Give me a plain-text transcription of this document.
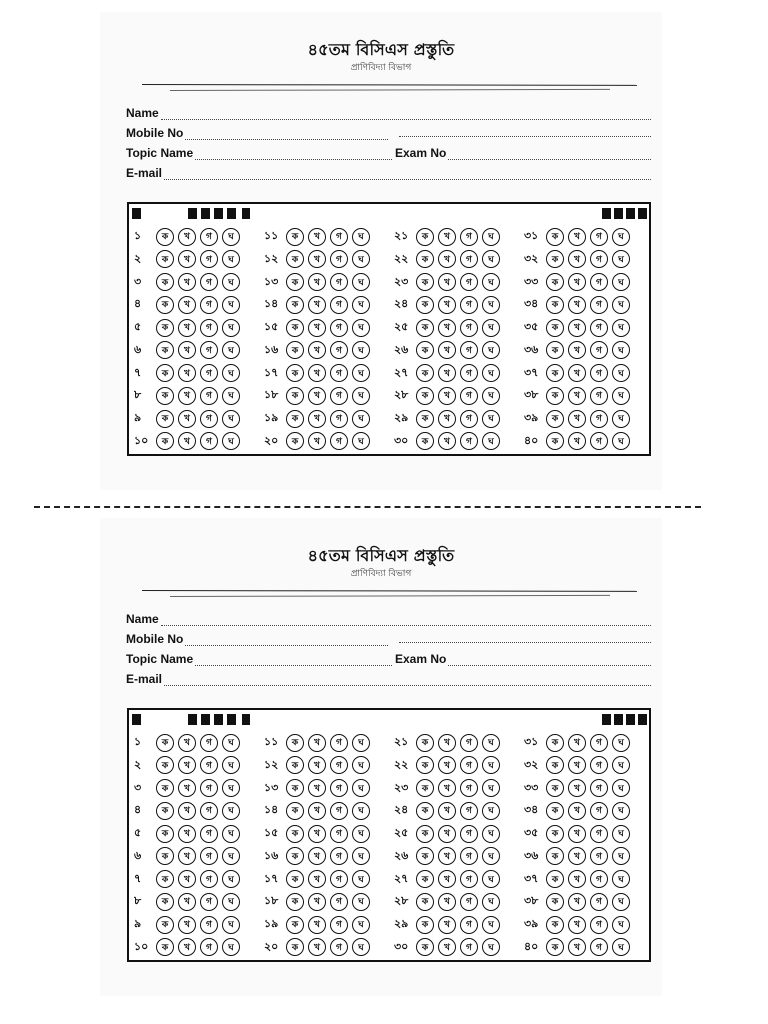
৪৫তম বিসিএস প্রস্তুতি
প্রাণিবিদ্যা বিভাগ
Name
Mobile No
Topic Name	Exam No
E-mail
১	ক	খ	গ	ঘ
২	ক	খ	গ	ঘ
৩	ক	খ	গ	ঘ
৪	ক	খ	গ	ঘ
৫	ক	খ	গ	ঘ
৬	ক	খ	গ	ঘ
৭	ক	খ	গ	ঘ
৮	ক	খ	গ	ঘ
৯	ক	খ	গ	ঘ
১০	ক	খ	গ	ঘ
১১	ক	খ	গ	ঘ
১২	ক	খ	গ	ঘ
১৩	ক	খ	গ	ঘ
১৪	ক	খ	গ	ঘ
১৫	ক	খ	গ	ঘ
১৬	ক	খ	গ	ঘ
১৭	ক	খ	গ	ঘ
১৮	ক	খ	গ	ঘ
১৯	ক	খ	গ	ঘ
২০	ক	খ	গ	ঘ
২১	ক	খ	গ	ঘ
২২	ক	খ	গ	ঘ
২৩	ক	খ	গ	ঘ
২৪	ক	খ	গ	ঘ
২৫	ক	খ	গ	ঘ
২৬	ক	খ	গ	ঘ
২৭	ক	খ	গ	ঘ
২৮	ক	খ	গ	ঘ
২৯	ক	খ	গ	ঘ
৩০	ক	খ	গ	ঘ
৩১	ক	খ	গ	ঘ
৩২	ক	খ	গ	ঘ
৩৩	ক	খ	গ	ঘ
৩৪	ক	খ	গ	ঘ
৩৫	ক	খ	গ	ঘ
৩৬	ক	খ	গ	ঘ
৩৭	ক	খ	গ	ঘ
৩৮	ক	খ	গ	ঘ
৩৯	ক	খ	গ	ঘ
৪০	ক	খ	গ	ঘ
৪৫তম বিসিএস প্রস্তুতি
প্রাণিবিদ্যা বিভাগ
Name
Mobile No
Topic Name	Exam No
E-mail
১	ক	খ	গ	ঘ
২	ক	খ	গ	ঘ
৩	ক	খ	গ	ঘ
৪	ক	খ	গ	ঘ
৫	ক	খ	গ	ঘ
৬	ক	খ	গ	ঘ
৭	ক	খ	গ	ঘ
৮	ক	খ	গ	ঘ
৯	ক	খ	গ	ঘ
১০	ক	খ	গ	ঘ
১১	ক	খ	গ	ঘ
১২	ক	খ	গ	ঘ
১৩	ক	খ	গ	ঘ
১৪	ক	খ	গ	ঘ
১৫	ক	খ	গ	ঘ
১৬	ক	খ	গ	ঘ
১৭	ক	খ	গ	ঘ
১৮	ক	খ	গ	ঘ
১৯	ক	খ	গ	ঘ
২০	ক	খ	গ	ঘ
২১	ক	খ	গ	ঘ
২২	ক	খ	গ	ঘ
২৩	ক	খ	গ	ঘ
২৪	ক	খ	গ	ঘ
২৫	ক	খ	গ	ঘ
২৬	ক	খ	গ	ঘ
২৭	ক	খ	গ	ঘ
২৮	ক	খ	গ	ঘ
২৯	ক	খ	গ	ঘ
৩০	ক	খ	গ	ঘ
৩১	ক	খ	গ	ঘ
৩২	ক	খ	গ	ঘ
৩৩	ক	খ	গ	ঘ
৩৪	ক	খ	গ	ঘ
৩৫	ক	খ	গ	ঘ
৩৬	ক	খ	গ	ঘ
৩৭	ক	খ	গ	ঘ
৩৮	ক	খ	গ	ঘ
৩৯	ক	খ	গ	ঘ
৪০	ক	খ	গ	ঘ
